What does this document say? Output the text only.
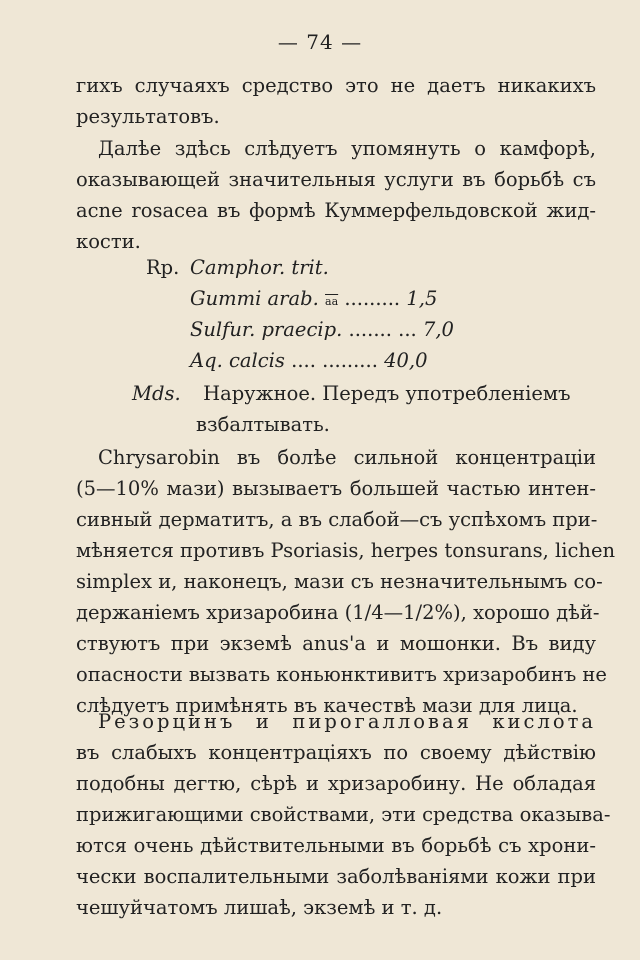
— 74 —
гихъ случаяхъ средство это не даетъ никакихъ
результатовъ.
Далѣе здѣсь слѣдуетъ упомянуть о камфорѣ,
оказывающей значительныя услуги въ борьбѣ съ
acne rosacea въ формѣ Куммерфельдовской жид-
кости.
Rp. Camphor. trit.
Gummi arab. $\overline{aa}$ ......... 1,5
Sulfur. praecip. ....... ... 7,0
Aq. calcis .... ......... 40,0
Mds. Наружное. Передъ употребленіемъ
взбалтывать.
Chrysarobin въ болѣе сильной концентраціи
(5—10% мази) вызываетъ большей частью интен-
сивный дерматитъ, а въ слабой—съ успѣхомъ при-
мѣняется противъ Psoriasis, herpes tonsurans, lichen
simplex и, наконецъ, мази съ незначительнымъ со-
держаніемъ хризаробина (1/4—1/2%), хорошо дѣй-
ствуютъ при экземѣ anus'a и мошонки. Въ виду
опасности вызвать коньюнктивитъ хризаробинъ не
слѣдуетъ примѣнять въ качествѣ мази для лица.
Резорцинъ и пирогалловая кислота
въ слабыхъ концентраціяхъ по своему дѣйствію
подобны дегтю, сѣрѣ и хризаробину. Не обладая
прижигающими свойствами, эти средства оказыва-
ются очень дѣйствительными въ борьбѣ съ хрони-
чески воспалительными заболѣваніями кожи при
чешуйчатомъ лишаѣ, экземѣ и т. д.
